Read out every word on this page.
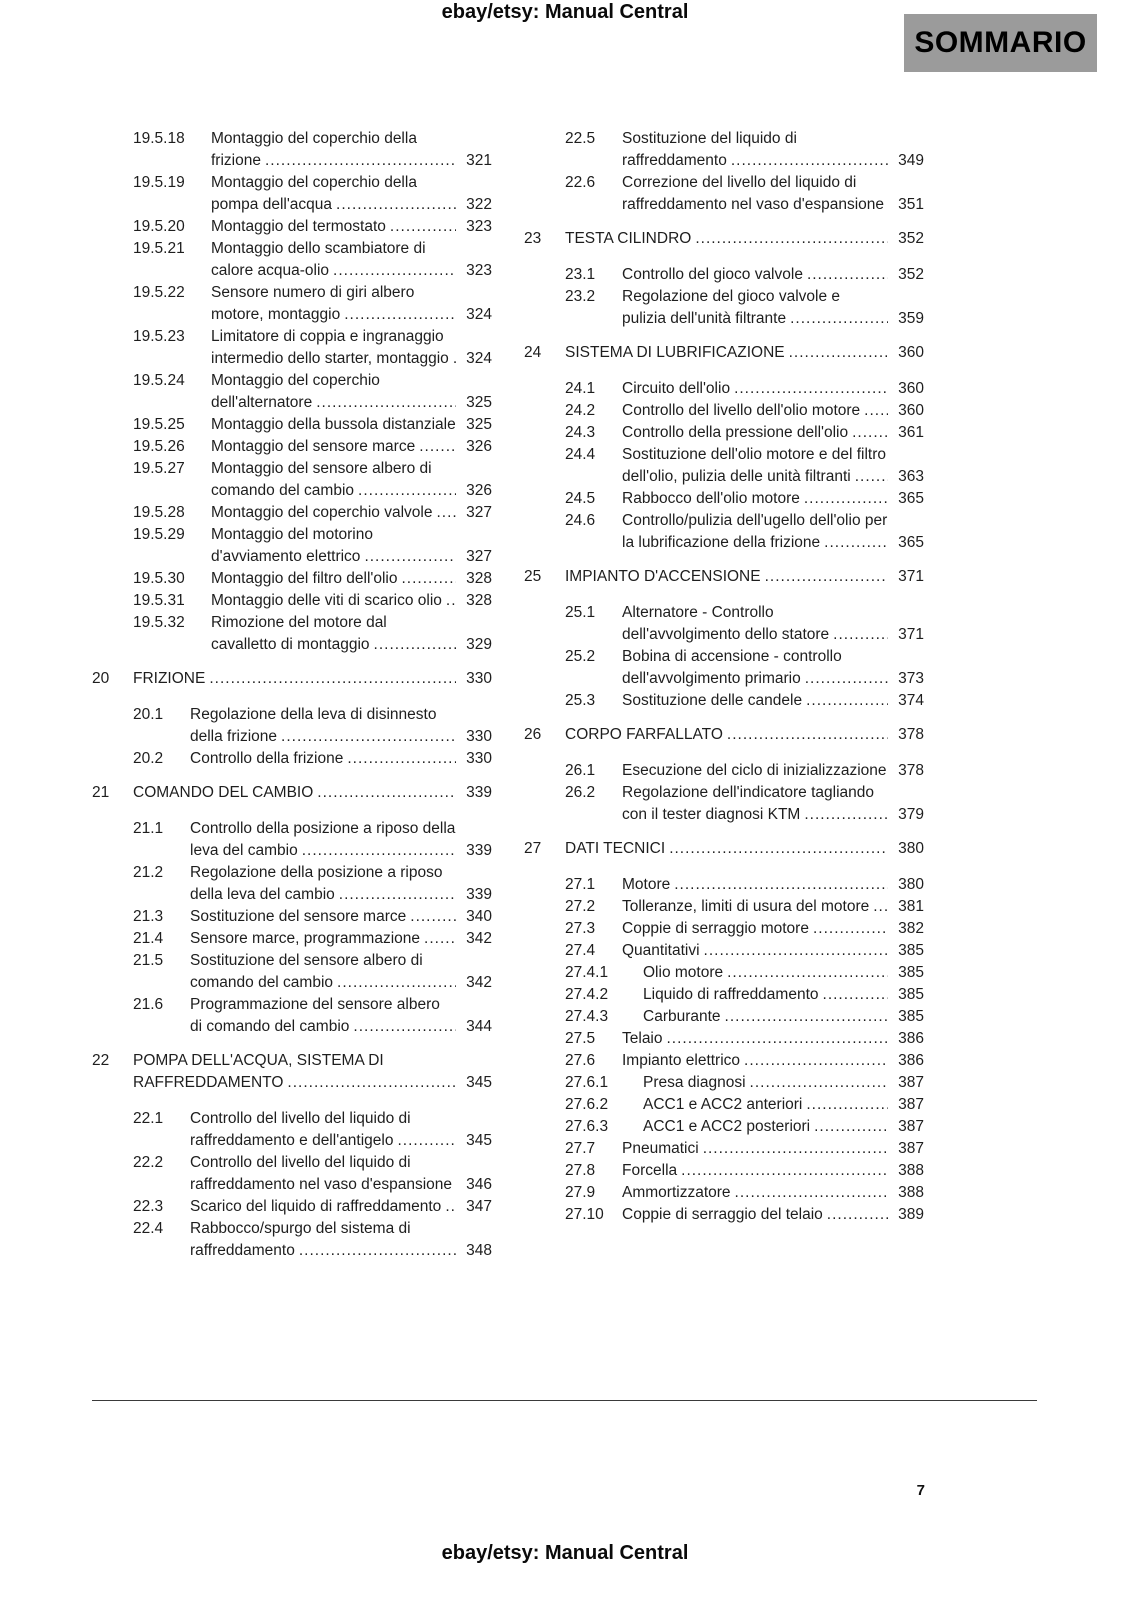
ebay/etsy: Manual Central
SOMMARIO
19.5.18	Montaggio del coperchio della frizione .....	321
19.5.19	Montaggio del coperchio della pompa dell'acqua .....	322
19.5.20	Montaggio del termostato .....	323
19.5.21	Montaggio dello scambiatore di calore acqua-olio .....	323
19.5.22	Sensore numero di giri albero motore, montaggio .....	324
19.5.23	Limitatore di coppia e ingranaggio intermedio dello starter, montaggio .....	324
19.5.24	Montaggio del coperchio dell'alternatore .....	325
19.5.25	Montaggio della bussola distanziale ..... 325
19.5.26	Montaggio del sensore marce .....	326
19.5.27	Montaggio del sensore albero di comando del cambio .....	326
19.5.28	Montaggio del coperchio valvole .....	327
19.5.29	Montaggio del motorino d'avviamento elettrico .....	327
19.5.30	Montaggio del filtro dell'olio .....	328
19.5.31	Montaggio delle viti di scarico olio .....	328
19.5.32	Rimozione del motore dal cavalletto di montaggio .....	329
20	FRIZIONE .....	330
20.1	Regolazione della leva di disinnesto della frizione .....	330
20.2	Controllo della frizione .....	330
21	COMANDO DEL CAMBIO .....	339
21.1	Controllo della posizione a riposo della leva del cambio .....	339
21.2	Regolazione della posizione a riposo della leva del cambio .....	339
21.3	Sostituzione del sensore marce .....	340
21.4	Sensore marce, programmazione .....	342
21.5	Sostituzione del sensore albero di comando del cambio .....	342
21.6	Programmazione del sensore albero di comando del cambio .....	344
22	POMPA DELL'ACQUA, SISTEMA DI RAFFREDDAMENTO .....	345
22.1	Controllo del livello del liquido di raffreddamento e dell'antigelo .....	345
22.2	Controllo del livello del liquido di raffreddamento nel vaso d'espansione ..... 346
22.3	Scarico del liquido di raffreddamento .....	347
22.4	Rabbocco/spurgo del sistema di raffreddamento .....	348
22.5	Sostituzione del liquido di raffreddamento .....	349
22.6	Correzione del livello del liquido di raffreddamento nel vaso d'espansione ..... 351
23	TESTA CILINDRO .....	352
23.1	Controllo del gioco valvole .....	352
23.2	Regolazione del gioco valvole e pulizia dell'unità filtrante .....	359
24	SISTEMA DI LUBRIFICAZIONE .....	360
24.1	Circuito dell'olio .....	360
24.2	Controllo del livello dell'olio motore .....	360
24.3	Controllo della pressione dell'olio .....	361
24.4	Sostituzione dell'olio motore e del filtro dell'olio, pulizia delle unità filtranti .....	363
24.5	Rabbocco dell'olio motore .....	365
24.6	Controllo/pulizia dell'ugello dell'olio per la lubrificazione della frizione .....	365
25	IMPIANTO D'ACCENSIONE .....	371
25.1	Alternatore - Controllo dell'avvolgimento dello statore .....	371
25.2	Bobina di accensione - controllo dell'avvolgimento primario .....	373
25.3	Sostituzione delle candele .....	374
26	CORPO FARFALLATO .....	378
26.1	Esecuzione del ciclo di inizializzazione ..... 378
26.2	Regolazione dell'indicatore tagliando con il tester diagnosi KTM .....	379
27	DATI TECNICI .....	380
27.1	Motore .....	380
27.2	Tolleranze, limiti di usura del motore .....	381
27.3	Coppie di serraggio motore .....	382
27.4	Quantitativi .....	385
27.4.1	Olio motore .....	385
27.4.2	Liquido di raffreddamento .....	385
27.4.3	Carburante .....	385
27.5	Telaio .....	386
27.6	Impianto elettrico .....	386
27.6.1	Presa diagnosi .....	387
27.6.2	ACC1 e ACC2 anteriori .....	387
27.6.3	ACC1 e ACC2 posteriori .....	387
27.7	Pneumatici .....	387
27.8	Forcella .....	388
27.9	Ammortizzatore .....	388
27.10	Coppie di serraggio del telaio .....	389
7
ebay/etsy: Manual Central
